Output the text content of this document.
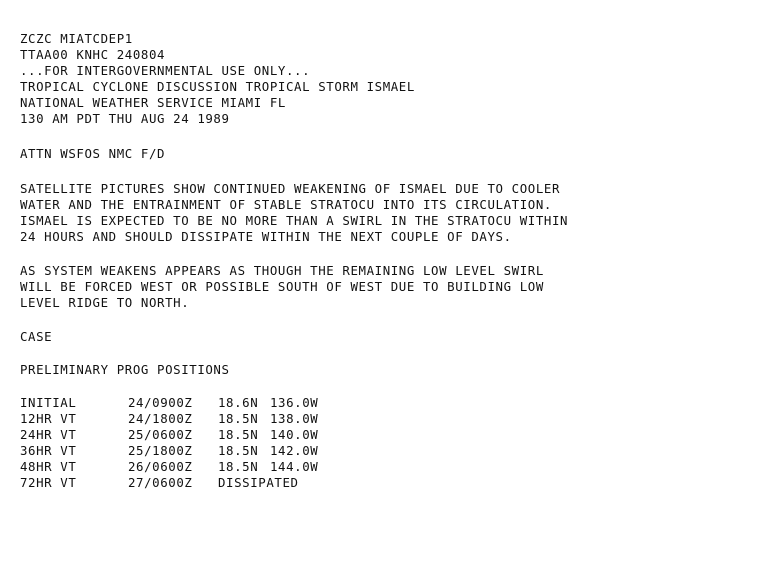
ZCZC MIATCDEP1
TTAA00 KNHC 240804
...FOR INTERGOVERNMENTAL USE ONLY...
TROPICAL CYCLONE DISCUSSION TROPICAL STORM ISMAEL
NATIONAL WEATHER SERVICE MIAMI FL
130 AM PDT THU AUG 24 1989
ATTN WSFOS NMC F/D
SATELLITE PICTURES SHOW CONTINUED WEAKENING OF ISMAEL DUE TO COOLER
WATER AND THE ENTRAINMENT OF STABLE STRATOCU INTO ITS CIRCULATION.
ISMAEL IS EXPECTED TO BE NO MORE THAN A SWIRL IN THE STRATOCU WITHIN
24 HOURS AND SHOULD DISSIPATE WITHIN THE NEXT COUPLE OF DAYS.
AS SYSTEM WEAKENS APPEARS AS THOUGH THE REMAINING LOW LEVEL SWIRL
WILL BE FORCED WEST OR POSSIBLE SOUTH OF WEST DUE TO BUILDING LOW
LEVEL RIDGE TO NORTH.
CASE
PRELIMINARY PROG POSITIONS
INITIAL	24/0900Z	18.6N	136.0W
12HR VT	24/1800Z	18.5N	138.0W
24HR VT	25/0600Z	18.5N	140.0W
36HR VT	25/1800Z	18.5N	142.0W
48HR VT	26/0600Z	18.5N	144.0W
72HR VT	27/0600Z	DISSIPATED	
